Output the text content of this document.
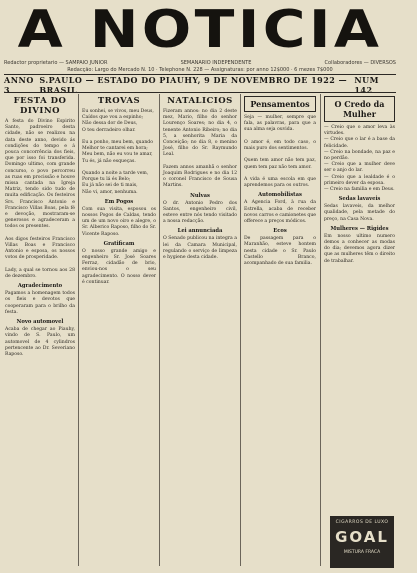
A NOTICIA
Redactor proprietario — SAMPAIO JUNIOR	SEMANARIO INDEPENDENTE	Collaboradores — DIVERSOS
Redacção: Largo do Mercado N. 10 · Telephone N. 228 — Assignaturas: por anno 12$000 · 6 mezes 7$000
ANNO 3
S.PAULO — ESTADO DO PIAUHY, 9 DE NOVEMBRO DE 1922 — BRASIL
NUM 142
FESTA DO DIVINO
A festa do Divino Espirito Santo, padroeiro desta cidade, não se realizou na data deste anno, devido ás condições do tempo e á pouca concorrência dos fieis, que por isso foi transferida. Domingo ultimo, com grande concurso, o povo percorreu as ruas em procissão e houve missa cantada na Igreja Matriz, tendo sido tudo de muita edificação. Os festeiros Srs. Francisco Antonio e Francisco Villas Boas, pela fé e devoção, mostraram-se generosos e agradeceram a todos os presentes.

Aos digos festeiros Francisco Villas Boas e Francisco Antonio e esposa, os nossos votos de prosperidade.

Lady, a qual se tornou aos 28 de dezembro.
Agradecimento
Pagamos a homenagem todos os fieis e devotos que cooperaram para o brilho da festa.
Novo automovel
Acaba de chegar ao Piauhy, vindo de S. Paulo, um automovel de 4 cylindros pertencente ao Dr. Severiano Raposo.
TROVAS
Eu sonhei, se vivos, meu Deus,
Caídos que vou a espinho;
Não dessa dor de Deus,
O teu derradeiro olhar.

Eu a ponho, meu bem, quando
Melhor te cantarei em hora;
Meu bem, não eu vou te amar,
Tu és, já não esqueças.

Quando a noite a tarde vem,
Porque tu lá és Belo;
Eu já não sei de ti mais,
Não vi, amor, nenhuma.
Em Pogos
Com sua visita, esposou os nossos Pogos de Caldas, tendo um de um novo oiro e alegre, o Sr. Alberico Raposo, filho do Sr. Vicente Raposo.
Gratificam
O nosso grande amigo e engenheiro Sr. José Soares Ferraz, cidadão de brio, enviou-nos o seu agradecimento. O nosso dever é continuar.
NATALICIOS
Fizeram annos: no dia 2 deste mez, Mario, filho do senhor Lourenço Soares; no dia 4, o tenente Antonio Ribeiro; no dia 5, a senhorita Maria da Conceição; no dia 8, o menino José, filho do Sr. Raymundo Leal.

Fazem annos amanhã o senhor Joaquim Rodrigues e no dia 12 o coronel Francisco de Sousa Martins.
Nulvas
O dr. Antonio Pedro dos Santos, engenheiro civil, esteve entre nós tendo visitado a nossa redacção.
Lei annunciada
O Senado publicou na integra a lei da Camara Municipal, regulando o serviço de limpeza e hygiene desta cidade.
Pensamentos
Seja — mulher, sempre que fala, as palavras, para que a sua alma seja ouvida.

O amor é, em todo caso, o mais puro dos sentimentos.

Quem tem amor não tem paz, quem tem paz não tem amor.

A vida é uma escola em que aprendemos para os outros.
Automobilistas
A Agencia Ford, à rua da Estrella, acaba de receber novos carros e camionetes que offerece a preços módicos.
Ecos
De passagem para o Maranhão, esteve hontem nesta cidade o Sr. Paulo Castello Branco, acompanhado de sua familia.
O Credo da Mulher
— Creio que o amor leva às virtudes.
— Creio que o lar é a base da felicidade.
— Creio na bondade, na paz e no perdão.
— Creio que a mulher deve ser o anjo do lar.
— Creio que a lealdade é o primeiro dever da esposa.
— Creio na familia e em Deus.
Sedas lavaveis
Sedas lavaveis, da melhor qualidade, pela metade do preço, na Casa Nova.
Mulheres — Rigides
Em nosso ultimo numero demos a conhecer as modas do dia; devemos agora dizer que as mulheres têm o direito de trabalhar.
CIGARROS DE LUXO
GOAL
MISTURA FRACA
